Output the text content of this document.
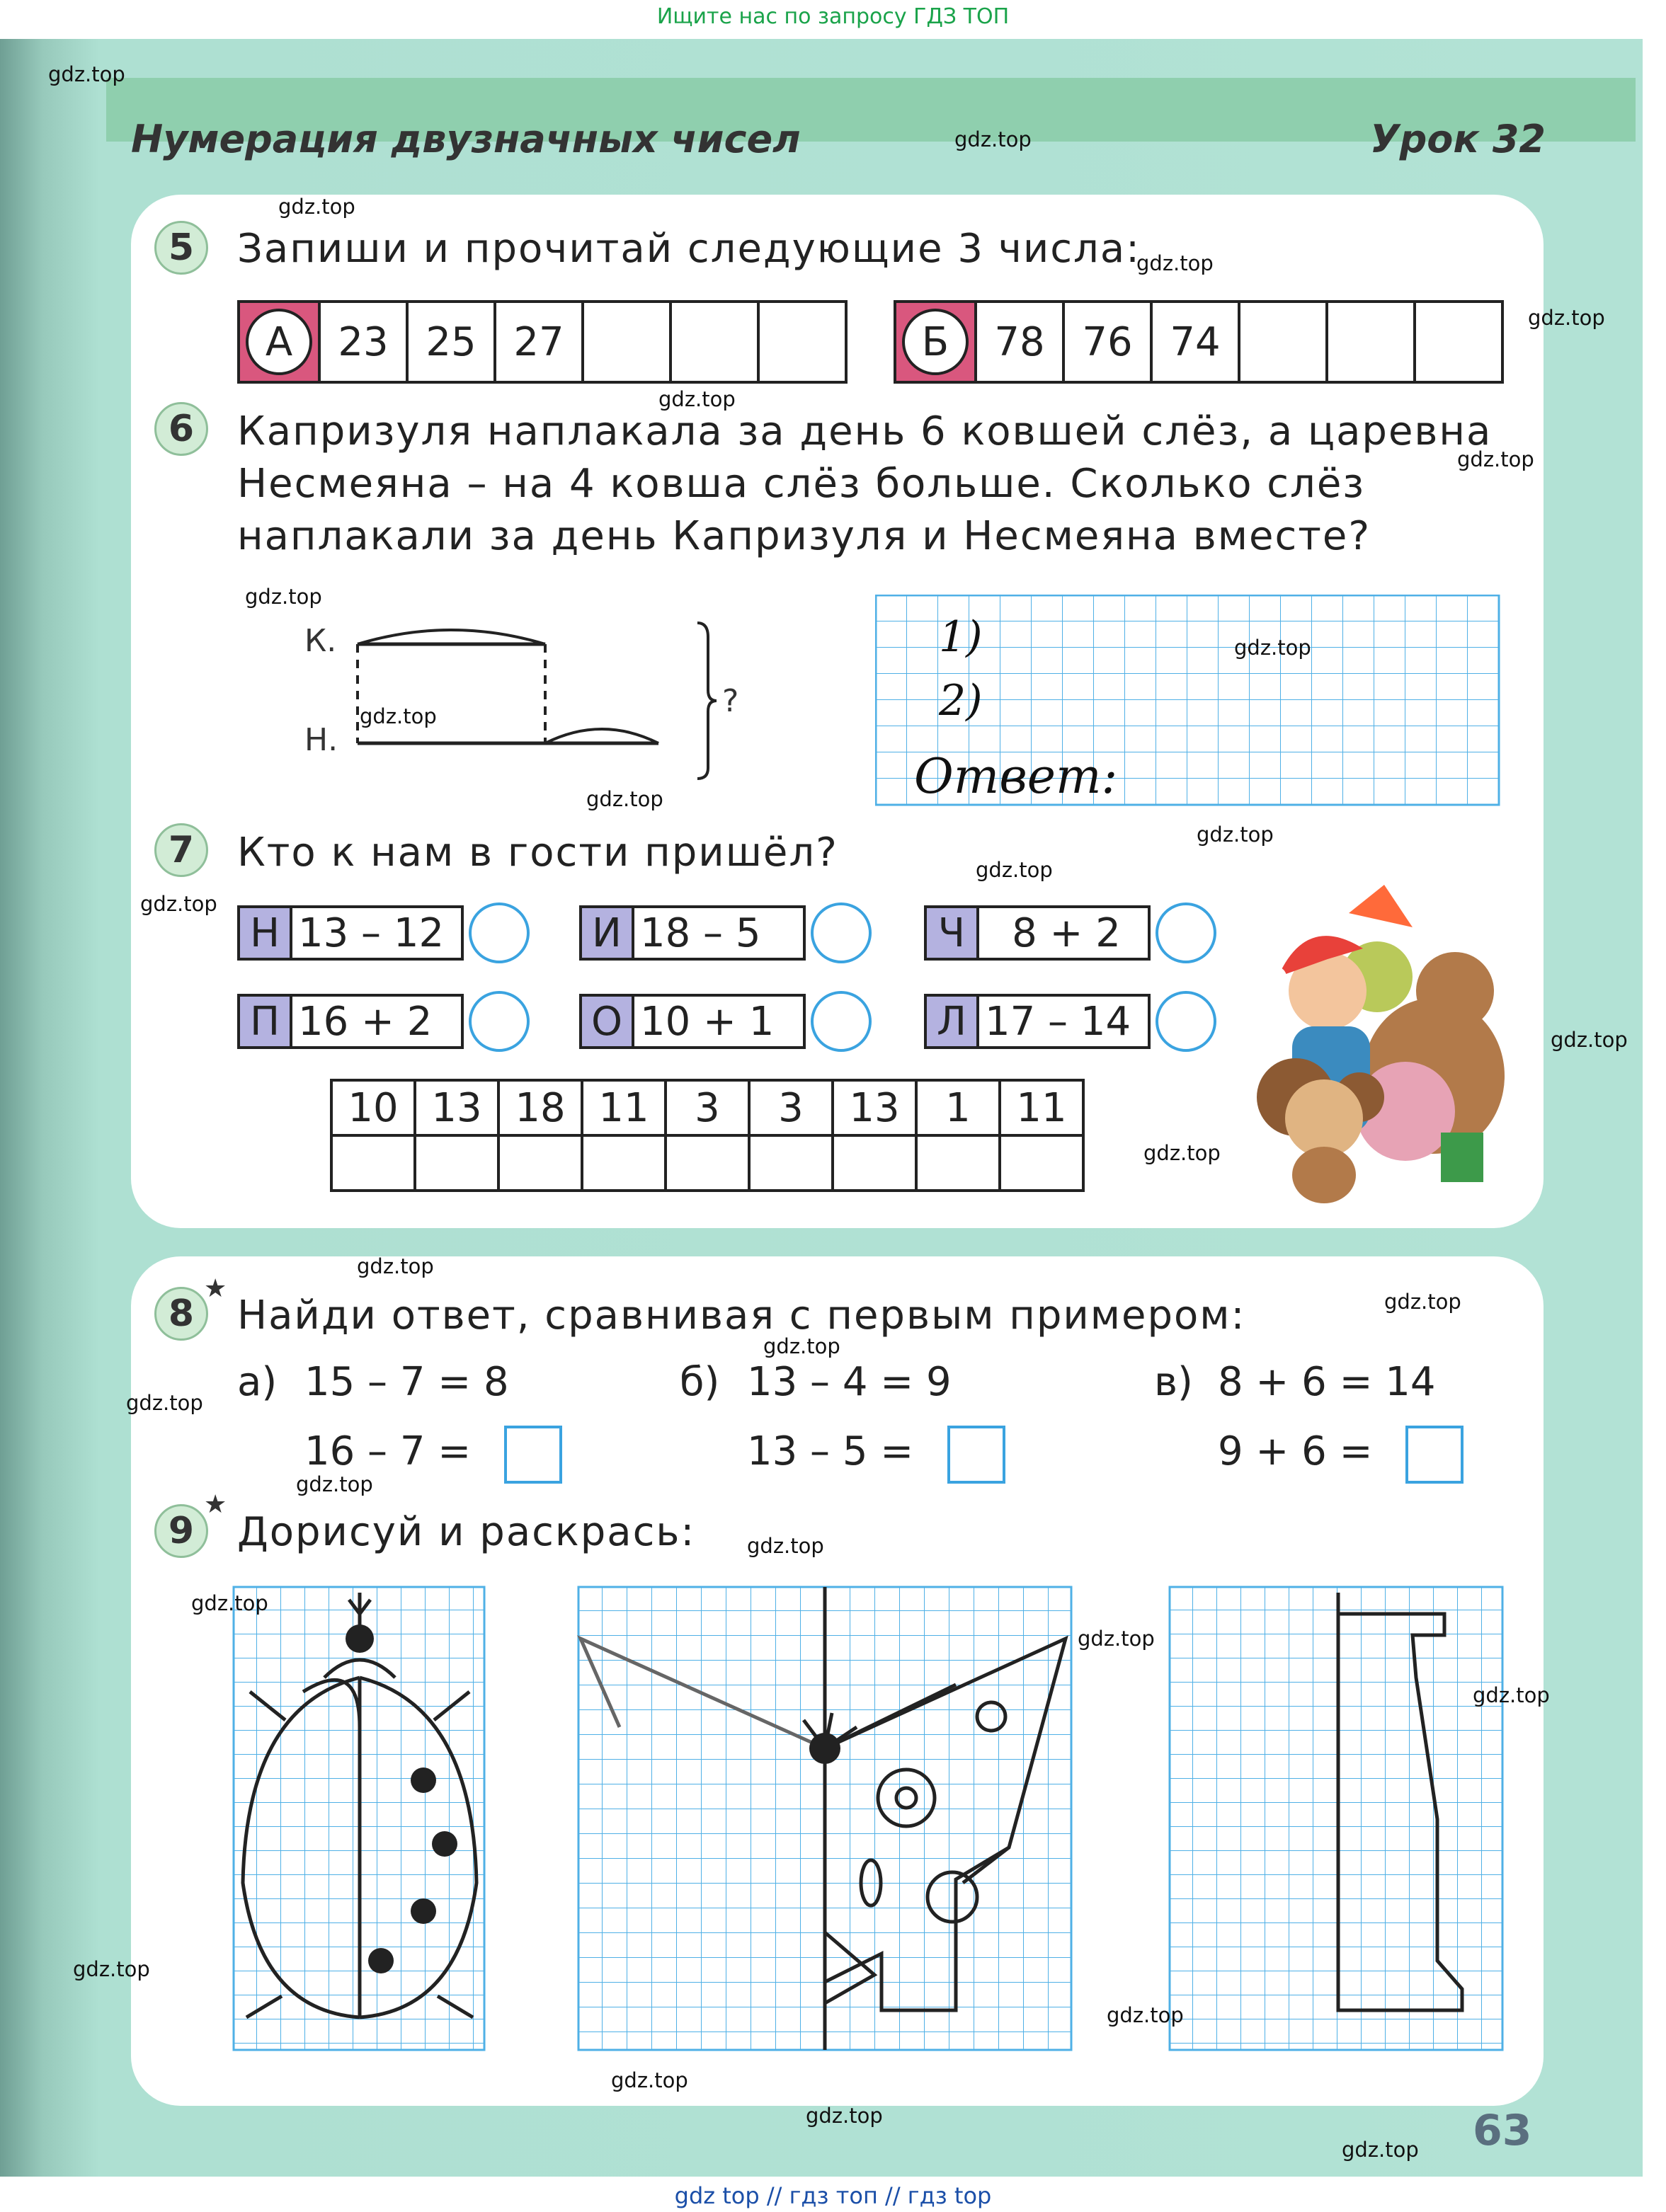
Ищите нас по запросу ГДЗ ТОП
Нумерация двузначных чисел	Урок 32
5	Запиши и прочитай следующие 3 числа:
А	23 25 27	Б	78 76 74
6	Капризуля наплакала за день 6 ковшей слёз, а царевна
Несмеяна – на 4 ковша слёз больше. Сколько слёз
наплакали за день Капризуля и Несмеяна вместе?
К.
Н.
?
1)
2)
Ответ:
7	Кто к нам в гости пришёл?
Н 13 – 12	И 18 – 5	Ч	8 + 2
П 16 + 2	О 10 + 1	Л 17 – 14
10	13	18	11	3	3	13	1	11

8
★
Найди ответ, сравнивая с первым примером:
а) 15 – 7 = 8
16 – 7 =
б) 13 – 4 = 9
13 – 5 =
в) 8 + 6 = 14
9 + 6 =
9
★
Дорисуй и раскрась:
gdz.top
gdz.top
gdz.top
gdz.top
gdz.top
gdz.top
gdz.top
gdz.top
gdz.top
gdz.top
gdz.top
gdz.top
gdz.top
gdz.top
gdz.top
gdz.top
gdz.top
gdz.top
gdz.top
gdz.top
gdz.top
gdz.top
gdz.top
gdz.top
gdz.top
gdz.top
gdz.top
gdz.top
gdz.top
gdz.top 63
gdz top // гдз топ // гдз top
